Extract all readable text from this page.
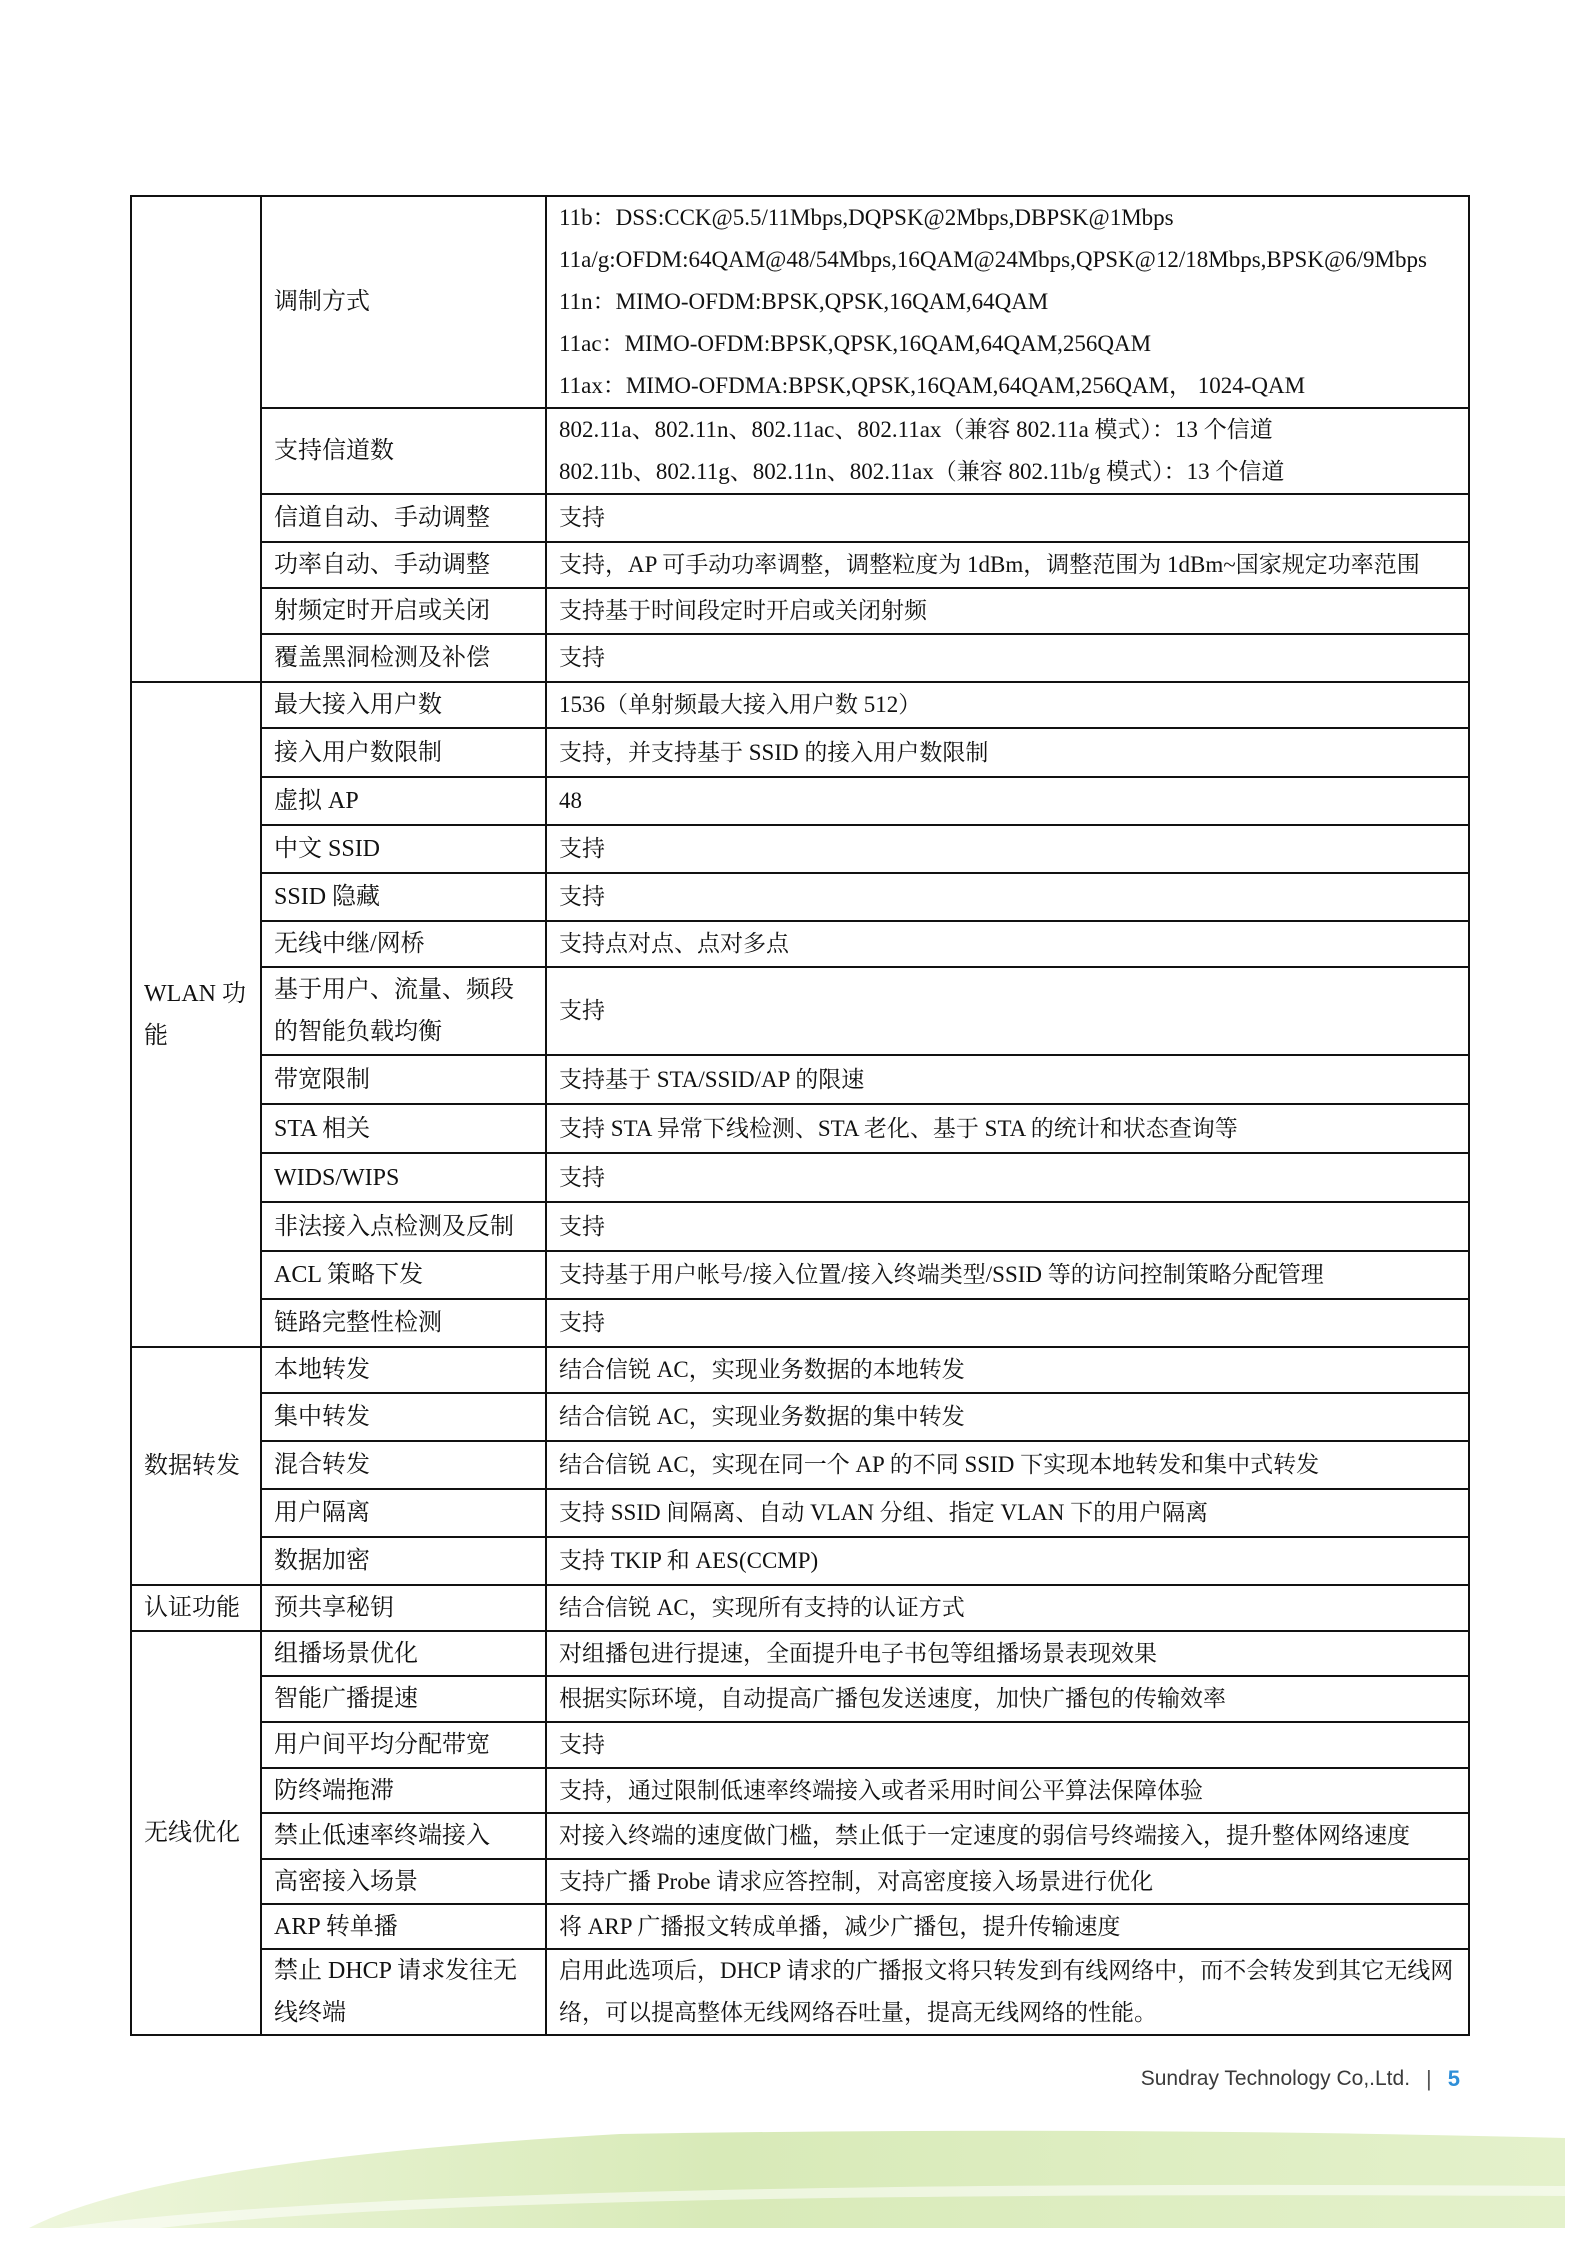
	调制方式	11b：DSS:CCK@5.5/11Mbps,DQPSK@2Mbps,DBPSK@1Mbps
11a/g:OFDM:64QAM@48/54Mbps,16QAM@24Mbps,QPSK@12/18Mbps,BPSK@6/9Mbps
11n：MIMO-OFDM:BPSK,QPSK,16QAM,64QAM
11ac：MIMO-OFDM:BPSK,QPSK,16QAM,64QAM,256QAM
11ax：MIMO-OFDMA:BPSK,QPSK,16QAM,64QAM,256QAM， 1024-QAM

	支持信道数	802.11a、802.11n、802.11ac、802.11ax（兼容 802.11a 模式）：13 个信道
802.11b、802.11g、802.11n、802.11ax（兼容 802.11b/g 模式）：13 个信道

	信道自动、手动调整	支持
	功率自动、手动调整	支持，AP 可手动功率调整，调整粒度为 1dBm，调整范围为 1dBm~国家规定功率范围
	射频定时开启或关闭	支持基于时间段定时开启或关闭射频
	覆盖黑洞检测及补偿	支持
WLAN 功能	最大接入用户数	1536（单射频最大接入用户数 512）
	接入用户数限制	支持，并支持基于 SSID 的接入用户数限制
	虚拟 AP	48
	中文 SSID	支持
	SSID 隐藏	支持
	无线中继/网桥	支持点对点、点对多点
	基于用户、流量、频段的智能负载均衡	支持
	带宽限制	支持基于 STA/SSID/AP 的限速
	STA 相关	支持 STA 异常下线检测、STA 老化、基于 STA 的统计和状态查询等
	WIDS/WIPS	支持
	非法接入点检测及反制	支持
	ACL 策略下发	支持基于用户帐号/接入位置/接入终端类型/SSID 等的访问控制策略分配管理
	链路完整性检测	支持
数据转发	本地转发	结合信锐 AC，实现业务数据的本地转发
	集中转发	结合信锐 AC，实现业务数据的集中转发
	混合转发	结合信锐 AC，实现在同一个 AP 的不同 SSID 下实现本地转发和集中式转发
	用户隔离	支持 SSID 间隔离、自动 VLAN 分组、指定 VLAN 下的用户隔离
	数据加密	支持 TKIP 和 AES(CCMP)
认证功能	预共享秘钥	结合信锐 AC，实现所有支持的认证方式
无线优化	组播场景优化	对组播包进行提速，全面提升电子书包等组播场景表现效果
	智能广播提速	根据实际环境，自动提高广播包发送速度，加快广播包的传输效率
	用户间平均分配带宽	支持
	防终端拖滞	支持，通过限制低速率终端接入或者采用时间公平算法保障体验
	禁止低速率终端接入	对接入终端的速度做门槛，禁止低于一定速度的弱信号终端接入，提升整体网络速度
	高密接入场景	支持广播 Probe 请求应答控制，对高密度接入场景进行优化
	ARP 转单播	将 ARP 广播报文转成单播，减少广播包，提升传输速度
	禁止 DHCP 请求发往无线终端	启用此选项后，DHCP 请求的广播报文将只转发到有线网络中，而不会转发到其它无线网络，可以提高整体无线网络吞吐量，提高无线网络的性能。
Sundray Technology Co,.Ltd. | 5
